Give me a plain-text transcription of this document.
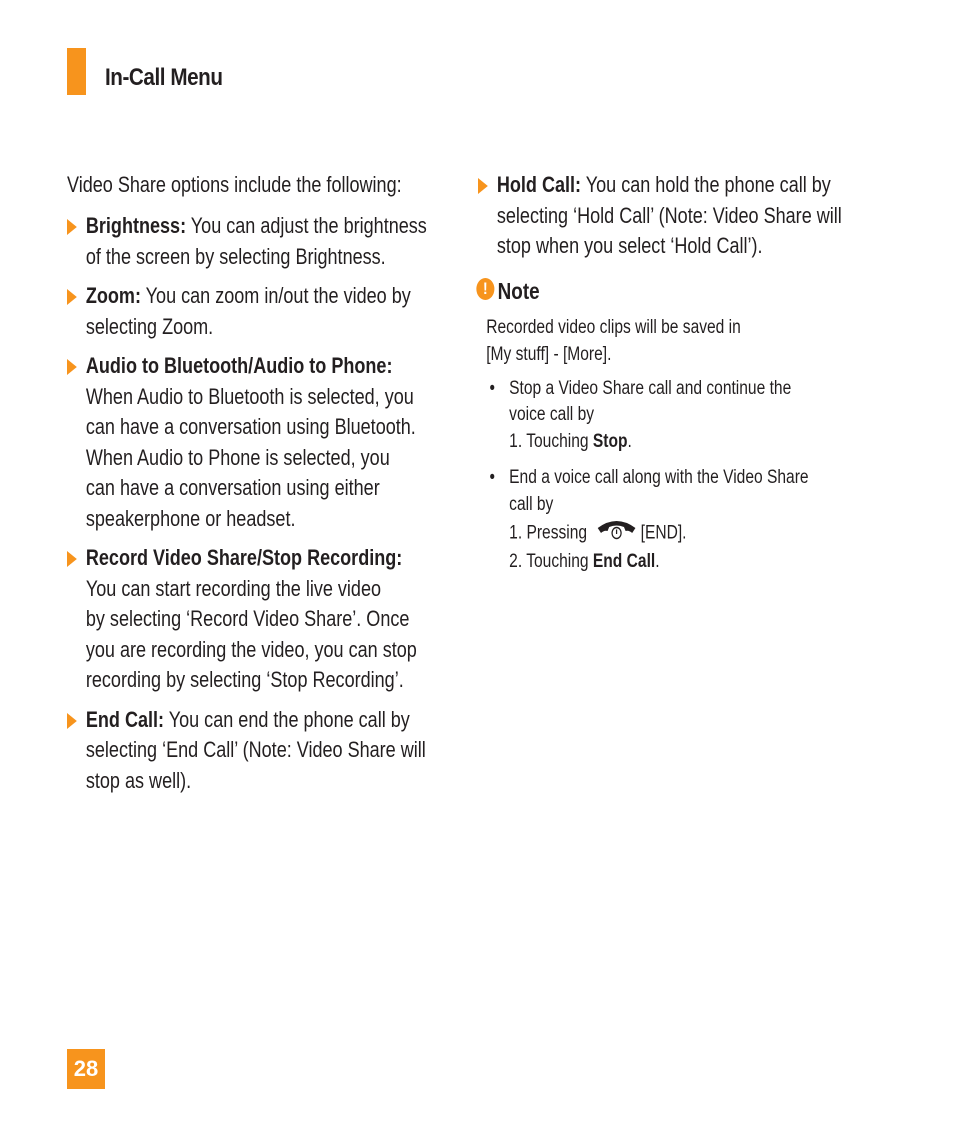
In-Call Menu

Video Share options include the following:

Brightness: You can adjust the brightness
of the screen by selecting Brightness.
Zoom: You can zoom in/out the video by
selecting Zoom.
Audio to Bluetooth/Audio to Phone:
When Audio to Bluetooth is selected, you
can have a conversation using Bluetooth.
When Audio to Phone is selected, you
can have a conversation using either
speakerphone or headset.
Record Video Share/Stop Recording:
You can start recording the live video
by selecting ‘Record Video Share’. Once
you are recording the video, you can stop
recording by selecting ‘Stop Recording’.
End Call: You can end the phone call by
selecting ‘End Call’ (Note: Video Share will
stop as well).
Hold Call: You can hold the phone call by
selecting ‘Hold Call’ (Note: Video Share will
stop when you select ‘Hold Call’).
! Note

Recorded video clips will be saved in
[My stuff] - [More].

• Stop a Video Share call and continue the
voice call by
1. Touching Stop.
• End a voice call along with the Video Share
call by
1. Pressing	[END].
2. Touching End Call.
28
